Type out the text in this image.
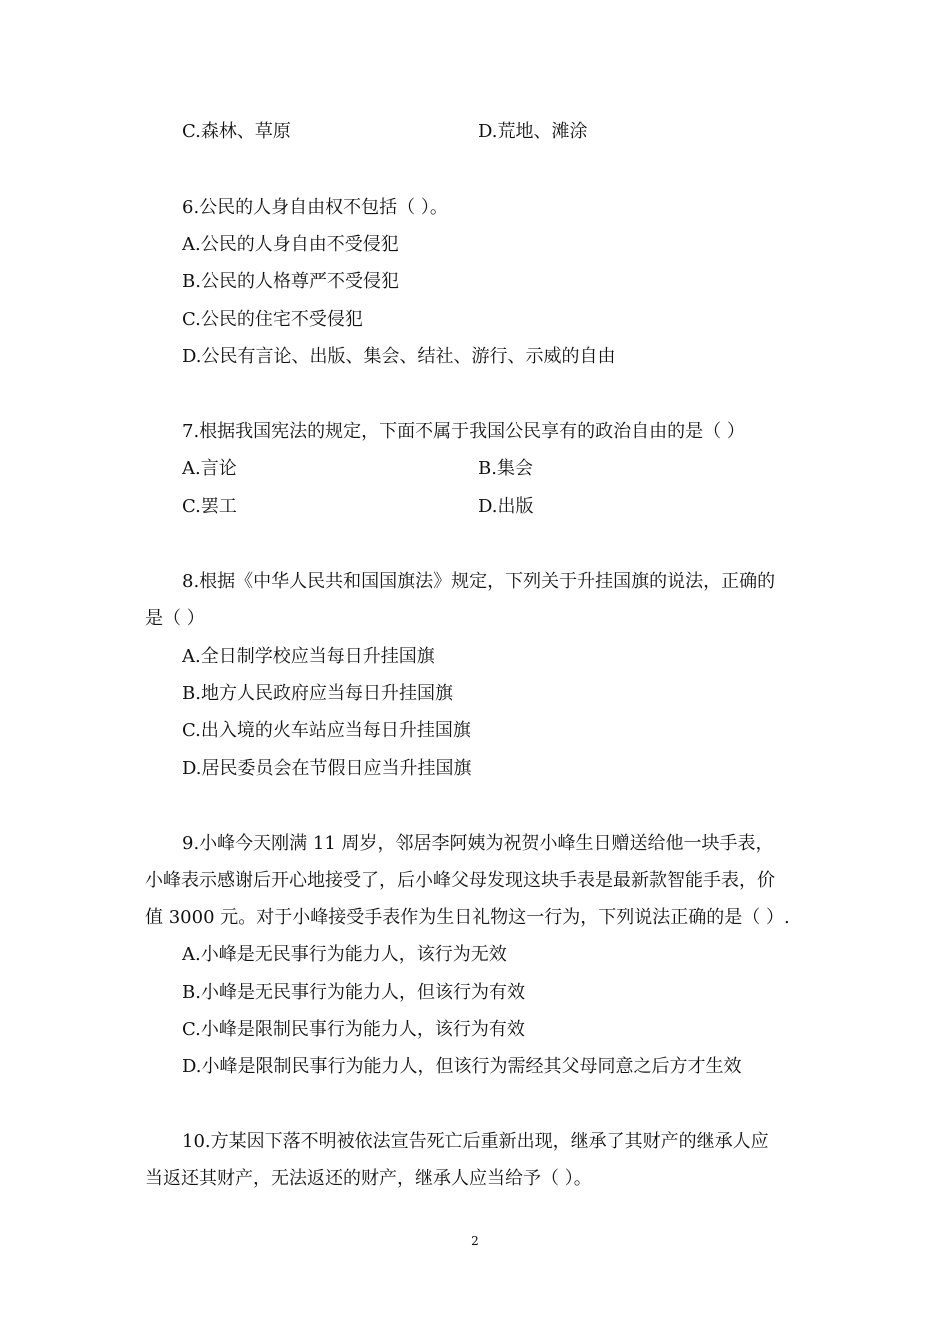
C.森林、草原	D.荒地、滩涂
6.公民的人身自由权不包括（ ）。
A.公民的人身自由不受侵犯
B.公民的人格尊严不受侵犯
C.公民的住宅不受侵犯
D.公民有言论、出版、集会、结社、游行、示威的自由
7.根据我国宪法的规定，下面不属于我国公民享有的政治自由的是（ ）
A.言论	B.集会
C.罢工	D.出版
8.根据《中华人民共和国国旗法》规定，下列关于升挂国旗的说法，正确的
是（ ）
A.全日制学校应当每日升挂国旗
B.地方人民政府应当每日升挂国旗
C.出入境的火车站应当每日升挂国旗
D.居民委员会在节假日应当升挂国旗
9.小峰今天刚满 11 周岁，邻居李阿姨为祝贺小峰生日赠送给他一块手表，
小峰表示感谢后开心地接受了，后小峰父母发现这块手表是最新款智能手表，价
值 3000 元。对于小峰接受手表作为生日礼物这一行为，下列说法正确的是（ ）.
A.小峰是无民事行为能力人，该行为无效
B.小峰是无民事行为能力人，但该行为有效
C.小峰是限制民事行为能力人，该行为有效
D.小峰是限制民事行为能力人，但该行为需经其父母同意之后方才生效
10.方某因下落不明被依法宣告死亡后重新出现，继承了其财产的继承人应
当返还其财产，无法返还的财产，继承人应当给予（ ）。
2
